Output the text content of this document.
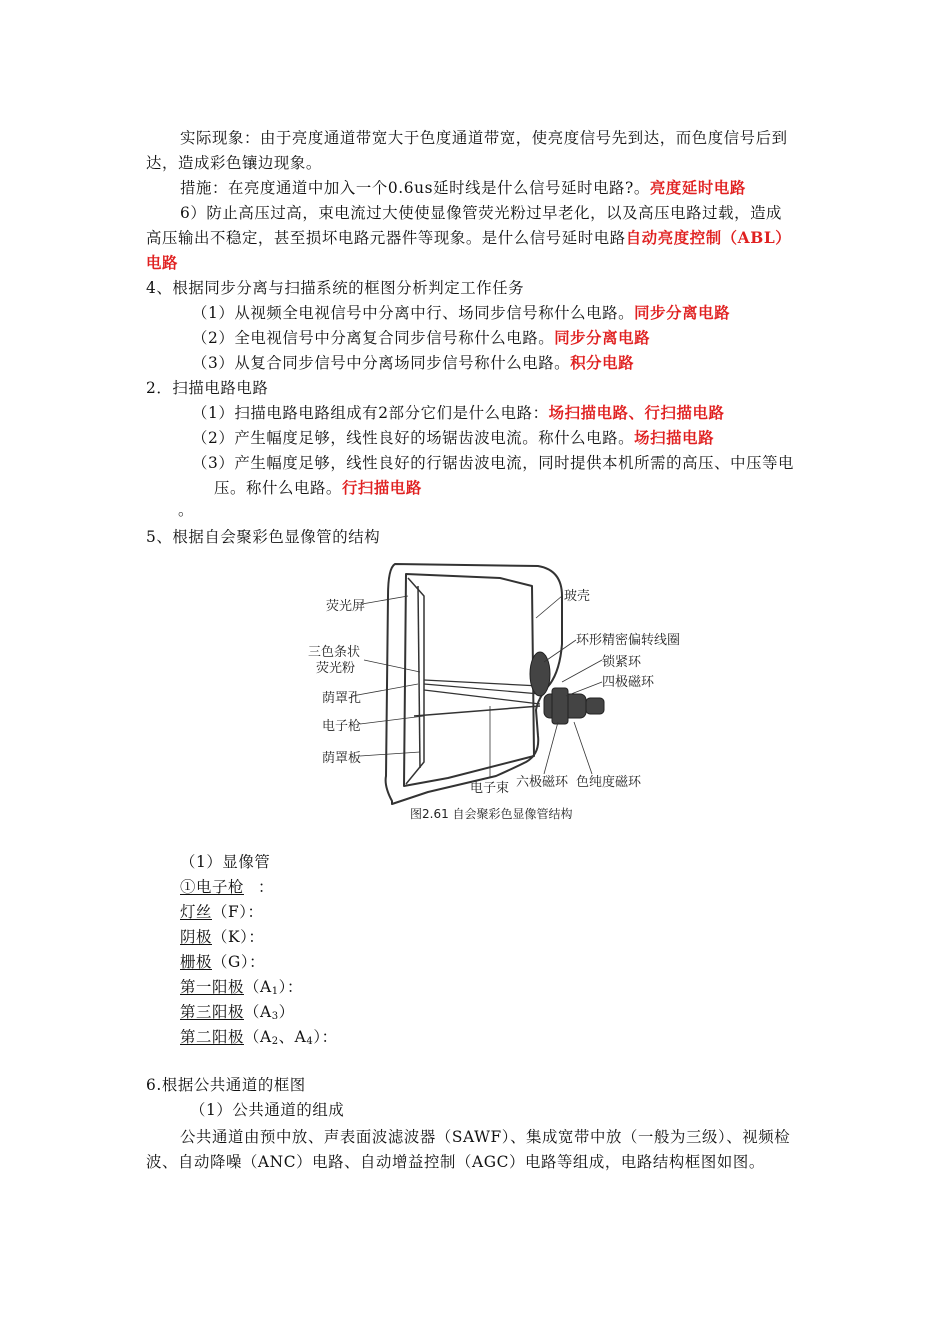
实际现象：由于亮度通道带宽大于色度通道带宽，使亮度信号先到达，而色度信号后到
达，造成彩色镶边现象。
措施：在亮度通道中加入一个0.6us延时线是什么信号延时电路?。亮度延时电路
6）防止高压过高，束电流过大使使显像管荧光粉过早老化，以及高压电路过载，造成
高压输出不稳定，甚至损坏电路元器件等现象。是什么信号延时电路自动亮度控制（ABL）
电路
4、根据同步分离与扫描系统的框图分析判定工作任务
（1）从视频全电视信号中分离中行、场同步信号称什么电路。同步分离电路
（2）全电视信号中分离复合同步信号称什么电路。同步分离电路
（3）从复合同步信号中分离场同步信号称什么电路。积分电路
2．扫描电路电路
（1）扫描电路电路组成有2部分它们是什么电路：场扫描电路、行扫描电路
（2）产生幅度足够，线性良好的场锯齿波电流。称什么电路。场扫描电路
（3）产生幅度足够，线性良好的行锯齿波电流，同时提供本机所需的高压、中压等电
压。称什么电路。行扫描电路
。
5、根据自会聚彩色显像管的结构
荧光屏
玻壳
环形精密偏转线圈
三色条状
荧光粉	锁紧环
四极磁环
荫罩孔
电子枪
荫罩板
电子束 六极磁环 色纯度磁环
图2.61 自会聚彩色显像管结构
（1）显像管
①电子枪 ：
灯丝（F）：
阴极（K）：
栅极（G）：
第一阳极$(A_1)$：
第三阳极$(A_3)$
第二阳极（$A_2$、$A_4$）：
6.根据公共通道的框图
（1）公共通道的组成
公共通道由预中放、声表面波滤波器（SAWF）、集成宽带中放（一般为三级）、视频检
波、自动降噪（ANC）电路、自动增益控制（AGC）电路等组成，电路结构框图如图。
